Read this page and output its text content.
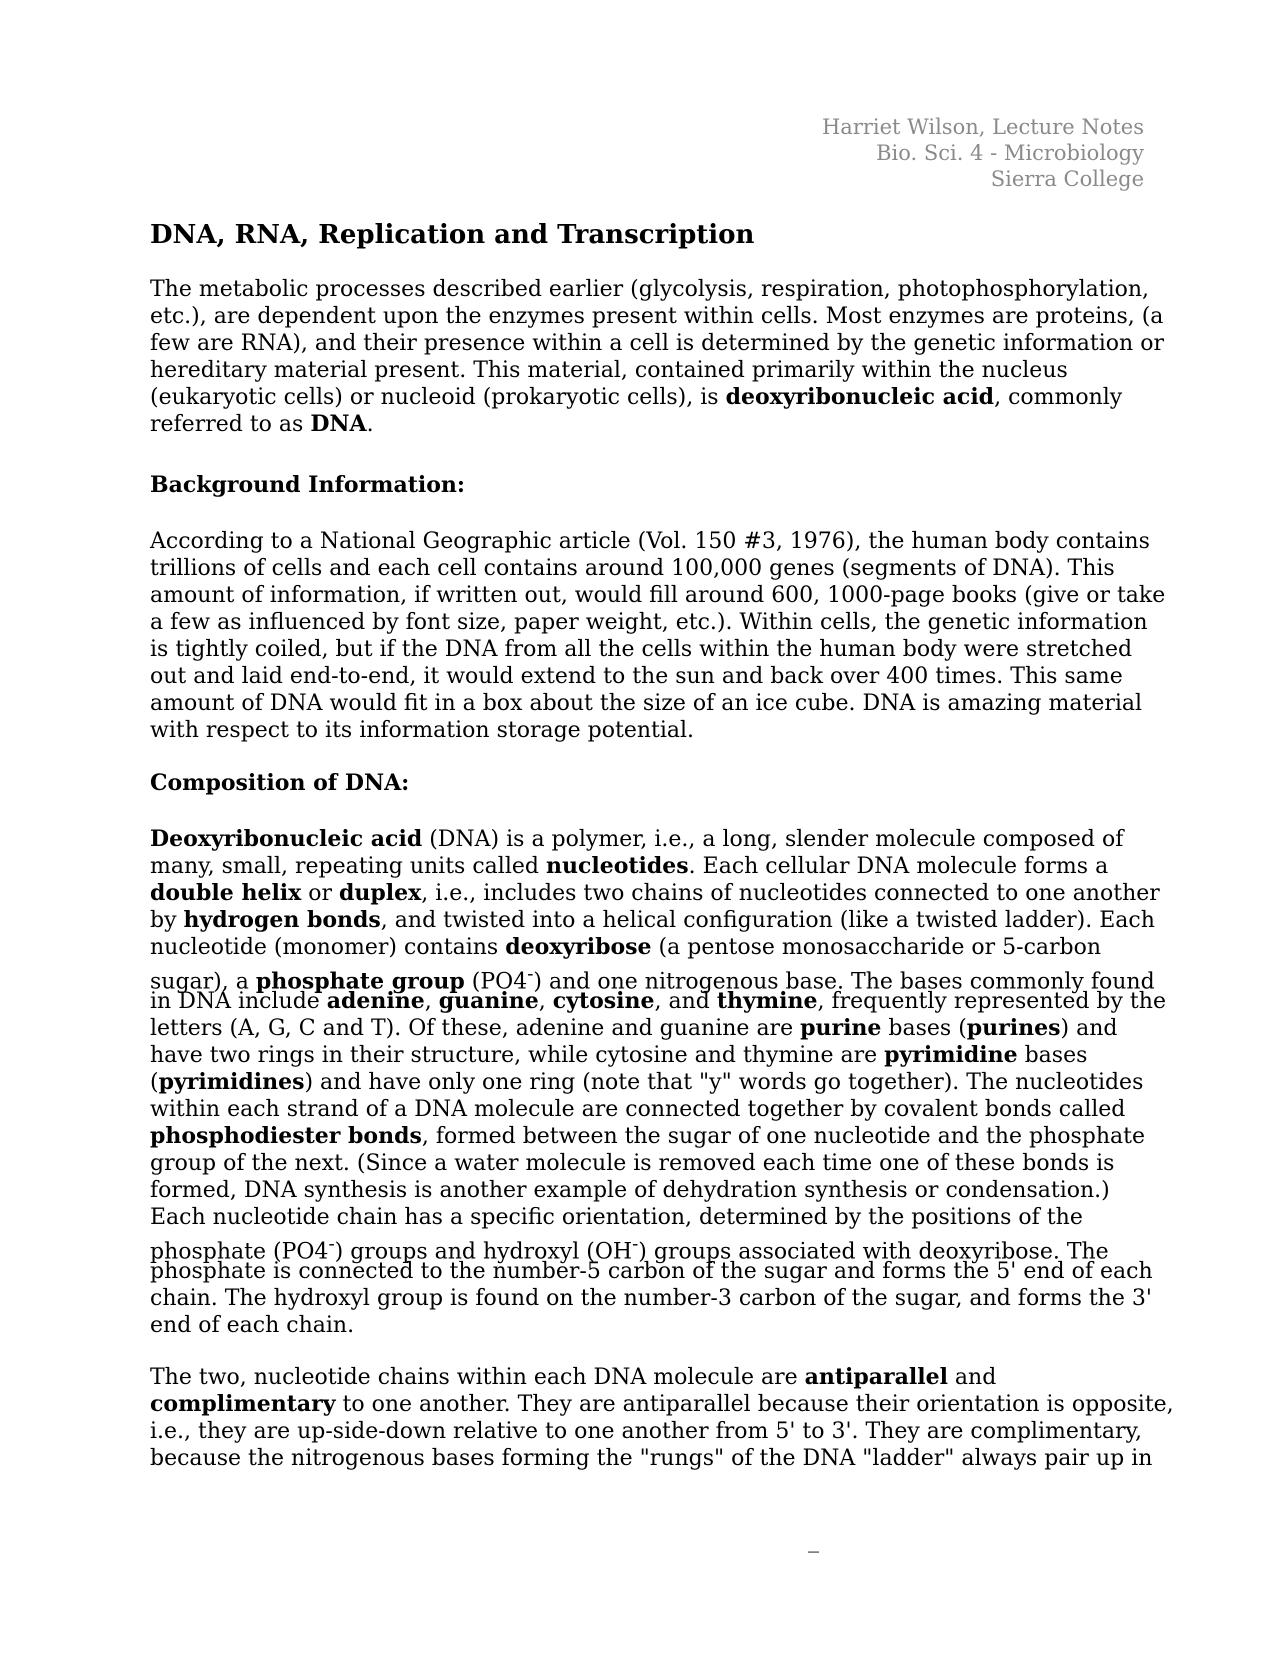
Harriet Wilson, Lecture Notes
Bio. Sci. 4 - Microbiology
Sierra College
DNA, RNA, Replication and Transcription
The metabolic processes described earlier (glycolysis, respiration, photophosphorylation,
etc.), are dependent upon the enzymes present within cells. Most enzymes are proteins, (a
few are RNA), and their presence within a cell is determined by the genetic information or
hereditary material present. This material, contained primarily within the nucleus
(eukaryotic cells) or nucleoid (prokaryotic cells), is deoxyribonucleic acid, commonly
referred to as DNA.
Background Information:
According to a National Geographic article (Vol. 150 #3, 1976), the human body contains
trillions of cells and each cell contains around 100,000 genes (segments of DNA). This
amount of information, if written out, would fill around 600, 1000-page books (give or take
a few as influenced by font size, paper weight, etc.). Within cells, the genetic information
is tightly coiled, but if the DNA from all the cells within the human body were stretched
out and laid end-to-end, it would extend to the sun and back over 400 times. This same
amount of DNA would fit in a box about the size of an ice cube. DNA is amazing material
with respect to its information storage potential.
Composition of DNA:
Deoxyribonucleic acid (DNA) is a polymer, i.e., a long, slender molecule composed of
many, small, repeating units called nucleotides. Each cellular DNA molecule forms a
double helix or duplex, i.e., includes two chains of nucleotides connected to one another
by hydrogen bonds, and twisted into a helical configuration (like a twisted ladder). Each
nucleotide (monomer) contains deoxyribose (a pentose monosaccharide or 5-carbon
sugar), a phosphate group (PO4-) and one nitrogenous base. The bases commonly found
in DNA include adenine, guanine, cytosine, and thymine, frequently represented by the
letters (A, G, C and T). Of these, adenine and guanine are purine bases (purines) and
have two rings in their structure, while cytosine and thymine are pyrimidine bases
(pyrimidines) and have only one ring (note that "y" words go together). The nucleotides
within each strand of a DNA molecule are connected together by covalent bonds called
phosphodiester bonds, formed between the sugar of one nucleotide and the phosphate
group of the next. (Since a water molecule is removed each time one of these bonds is
formed, DNA synthesis is another example of dehydration synthesis or condensation.)
Each nucleotide chain has a specific orientation, determined by the positions of the
phosphate (PO4-) groups and hydroxyl (OH-) groups associated with deoxyribose. The
phosphate is connected to the number-5 carbon of the sugar and forms the 5' end of each
chain. The hydroxyl group is found on the number-3 carbon of the sugar, and forms the 3'
end of each chain.
The two, nucleotide chains within each DNA molecule are antiparallel and
complimentary to one another. They are antiparallel because their orientation is opposite,
i.e., they are up-side-down relative to one another from 5' to 3'. They are complimentary,
because the nitrogenous bases forming the "rungs" of the DNA "ladder" always pair up in
_
